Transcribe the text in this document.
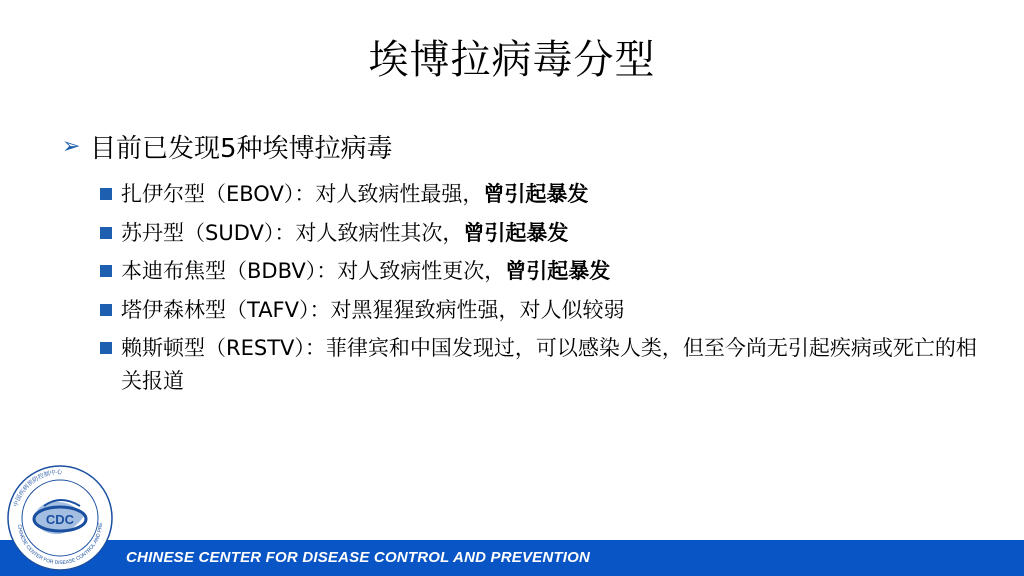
埃博拉病毒分型
➢ 目前已发现5种埃博拉病毒
扎伊尔型（EBOV）：对人致病性最强，曾引起暴发
苏丹型（SUDV）：对人致病性其次，曾引起暴发
本迪布焦型（BDBV）：对人致病性更次，曾引起暴发
塔伊森林型（TAFV）：对黑猩猩致病性强，对人似较弱
赖斯顿型（RESTV）：菲律宾和中国发现过，可以感染人类，但至今尚无引起疾病或死亡的相关报道
CHINESE CENTER FOR DISEASE CONTROL AND PREVENTION
中国疾病预防控制中心
CHINESE CENTER FOR DISEASE CONTROL AND PRE
CDC
